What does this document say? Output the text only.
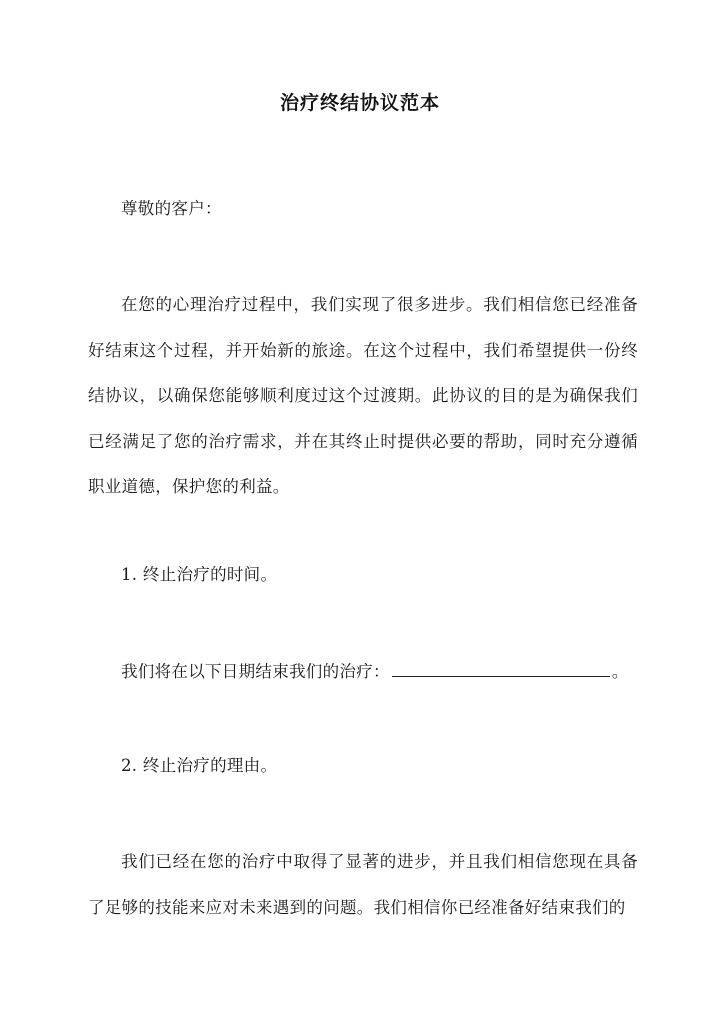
治疗终结协议范本
尊敬的客户：
在您的心理治疗过程中，我们实现了很多进步。我们相信您已经准备好结束这个过程，并开始新的旅途。在这个过程中，我们希望提供一份终结协议，以确保您能够顺利度过这个过渡期。此协议的目的是为确保我们已经满足了您的治疗需求，并在其终止时提供必要的帮助，同时充分遵循职业道德，保护您的利益。
1. 终止治疗的时间。
我们将在以下日期结束我们的治疗：	。
2. 终止治疗的理由。
我们已经在您的治疗中取得了显著的进步，并且我们相信您现在具备了足够的技能来应对未来遇到的问题。我们相信你已经准备好结束我们的
